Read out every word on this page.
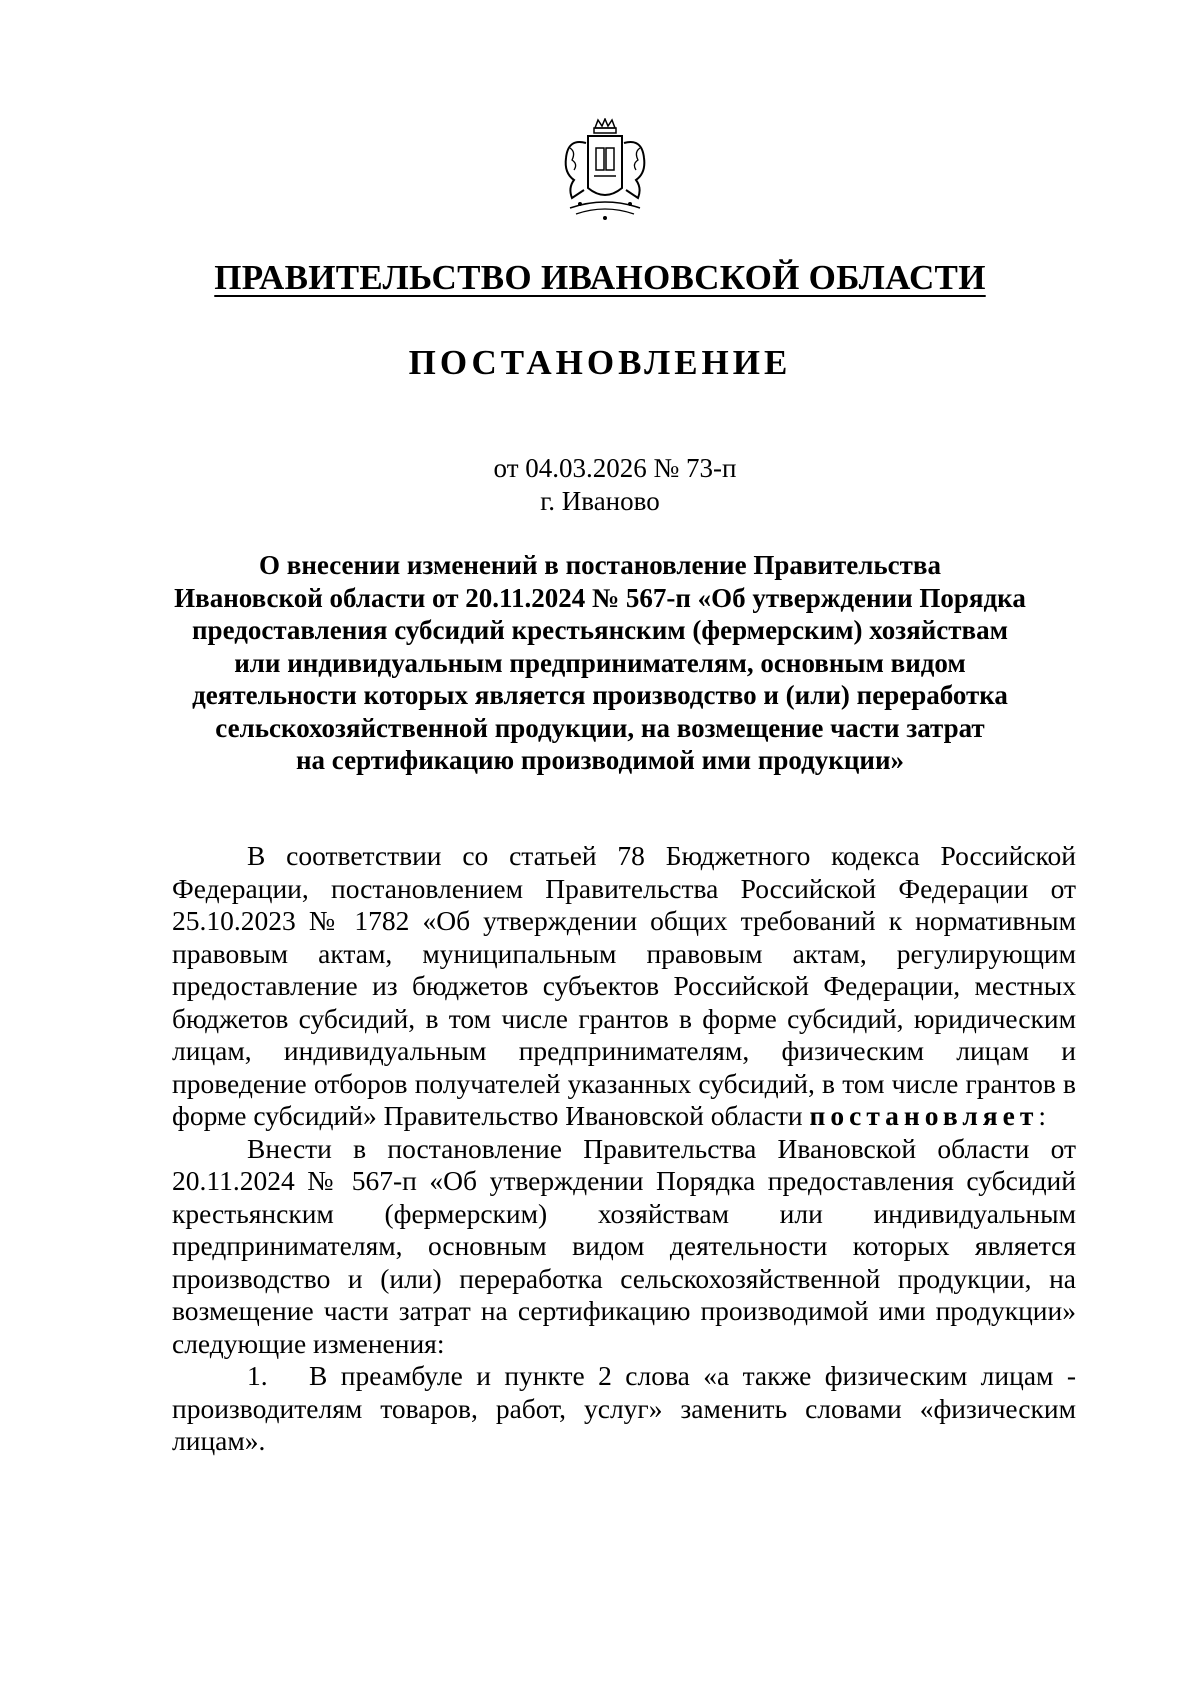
ПРАВИТЕЛЬСТВО ИВАНОВСКОЙ ОБЛАСТИ
ПОСТАНОВЛЕНИЕ
от 04.03.2026 № 73-п
г. Иваново
О внесении изменений в постановление Правительства
Ивановской области от 20.11.2024 № 567-п «Об утверждении Порядка
предоставления субсидий крестьянским (фермерским) хозяйствам
или индивидуальным предпринимателям, основным видом
деятельности которых является производство и (или) переработка
сельскохозяйственной продукции, на возмещение части затрат
на сертификацию производимой ими продукции»

В соответствии со статьей 78 Бюджетного кодекса Российской Федерации, постановлением Правительства Российской Федерации от 25.10.2023 № 1782 «Об утверждении общих требований к нормативным правовым актам, муниципальным правовым актам, регулирующим предоставление из бюджетов субъектов Российской Федерации, местных бюджетов субсидий, в том числе грантов в форме субсидий, юридическим лицам, индивидуальным предпринимателям, физическим лицам и проведение отборов получателей указанных субсидий, в том числе грантов в форме субсидий» Правительство Ивановской области постановляет:

Внести в постановление Правительства Ивановской области от 20.11.2024 № 567-п «Об утверждении Порядка предоставления субсидий крестьянским (фермерским) хозяйствам или индивидуальным предпринимателям, основным видом деятельности которых является производство и (или) переработка сельскохозяйственной продукции, на возмещение части затрат на сертификацию производимой ими продукции» следующие изменения:

1. В преамбуле и пункте 2 слова «а также физическим лицам - производителям товаров, работ, услуг» заменить словами «физическим лицам».
